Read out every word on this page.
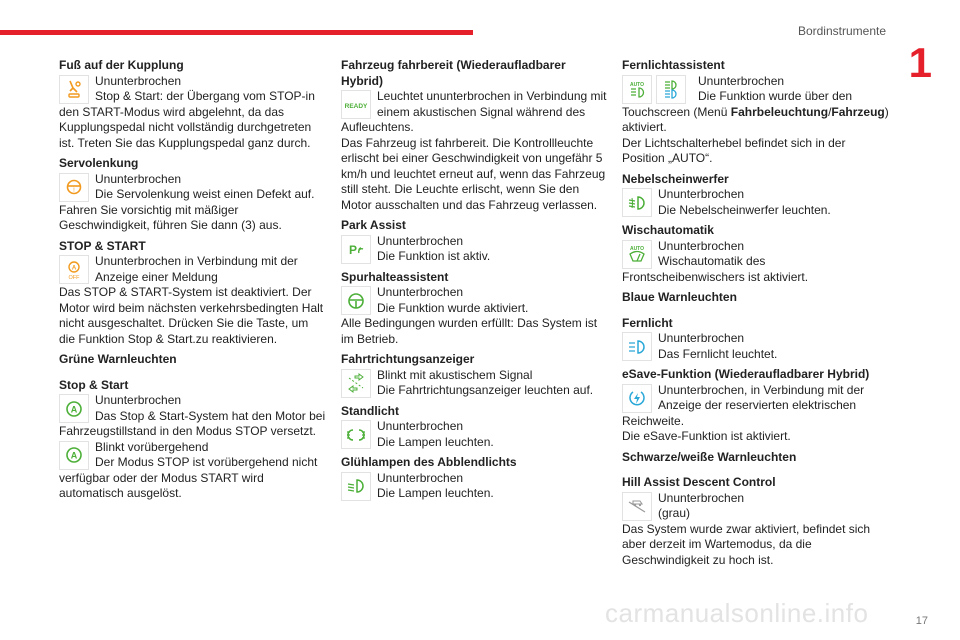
Bordinstrumente
1
Fuß auf der Kupplung

Ununterbrochen

Stop & Start: der Übergang vom STOP-in den START-Modus wird abgelehnt, da das Kupplungspedal nicht vollständig durchgetreten ist. Treten Sie das Kupplungspedal ganz durch.

Servolenkung
!

Ununterbrochen

Die Servolenkung weist einen Defekt auf. Fahren Sie vorsichtig mit mäßiger Geschwindigkeit, führen Sie dann (3) aus.

STOP & START
A
OFF

Ununterbrochen in Verbindung mit der Anzeige einer Meldung

Das STOP & START-System ist deaktiviert. Der Motor wird beim nächsten verkehrsbedingten Halt nicht ausgeschaltet. Drücken Sie die Taste, um die Funktion Stop & Start.zu reaktivieren.

Grüne Warnleuchten
Stop & Start
A

Ununterbrochen

Das Stop & Start-System hat den Motor bei Fahrzeugstillstand in den Modus STOP versetzt.

A

Blinkt vorübergehend

Der Modus STOP ist vorübergehend nicht verfügbar oder der Modus START wird automatisch ausgelöst.

Fahrzeug fahrbereit (Wiederaufladbarer Hybrid)
READY

Leuchtet ununterbrochen in Verbindung mit einem akustischen Signal während des Aufleuchtens.

Das Fahrzeug ist fahrbereit. Die Kontrollleuchte erlischt bei einer Geschwindigkeit von ungefähr 5 km/h und leuchtet erneut auf, wenn das Fahrzeug still steht. Die Leuchte erlischt, wenn Sie den Motor ausschalten und das Fahrzeug verlassen.

Park Assist
P

Ununterbrochen

Die Funktion ist aktiv.

Spurhalteassistent

Ununterbrochen

Die Funktion wurde aktiviert.

Alle Bedingungen wurden erfüllt: Das System ist im Betrieb.

Fahrtrichtungsanzeiger

Blinkt mit akustischem Signal

Die Fahrtrichtungsanzeiger leuchten auf.

Standlicht

Ununterbrochen

Die Lampen leuchten.

Glühlampen des Abblendlichts

Ununterbrochen

Die Lampen leuchten.

Fernlichtassistent
AUTO	Ununterbrochen

Die Funktion wurde über den Touchscreen (Menü Fahrbeleuchtung/Fahrzeug) aktiviert.

Der Lichtschalterhebel befindet sich in der Position „AUTO“.

Nebelscheinwerfer

Ununterbrochen

Die Nebelscheinwerfer leuchten.

Wischautomatik
AUTO	Ununterbrochen

Wischautomatik des Frontscheibenwischers ist aktiviert.

Blaue Warnleuchten
Fernlicht

Ununterbrochen

Das Fernlicht leuchtet.

eSave-Funktion (Wiederaufladbarer Hybrid)

Ununterbrochen, in Verbindung mit der Anzeige der reservierten elektrischen Reichweite.

Die eSave-Funktion ist aktiviert.

Schwarze/weiße Warnleuchten
Hill Assist Descent Control

Ununterbrochen

(grau)

Das System wurde zwar aktiviert, befindet sich aber derzeit im Wartemodus, da die Geschwindigkeit zu hoch ist.

carmanualsonline.info	17
